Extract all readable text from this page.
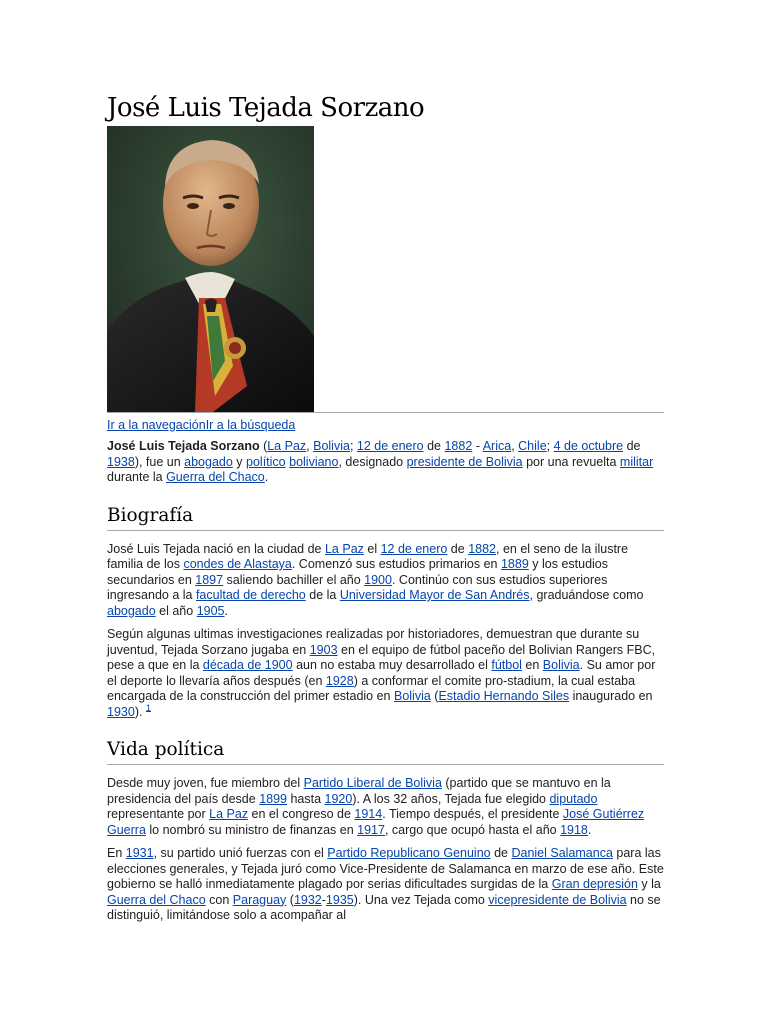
José Luis Tejada Sorzano
Ir a la navegaciónIr a la búsqueda

José Luis Tejada Sorzano (La Paz, Bolivia; 12 de enero de 1882 - Arica, Chile; 4 de octubre de 1938), fue un abogado y político boliviano, designado presidente de Bolivia por una revuelta militar durante la Guerra del Chaco.

Biografía

José Luis Tejada nació en la ciudad de La Paz el 12 de enero de 1882, en el seno de la ilustre familia de los condes de Alastaya. Comenzó sus estudios primarios en 1889 y los estudios secundarios en 1897 saliendo bachiller el año 1900. Continúo con sus estudios superiores ingresando a la facultad de derecho de la Universidad Mayor de San Andrés, graduándose como abogado el año 1905.

Según algunas ultimas investigaciones realizadas por historiadores, demuestran que durante su juventud, Tejada Sorzano jugaba en 1903 en el equipo de fútbol paceño del Bolivian Rangers FBC, pese a que en la década de 1900 aun no estaba muy desarrollado el fútbol en Bolivia. Su amor por el deporte lo llevaría años después (en 1928) a conformar el comite pro-stadium, la cual estaba encargada de la construcción del primer estadio en Bolivia (Estadio Hernando Siles inaugurado en 1930). $^1$

Vida política

Desde muy joven, fue miembro del Partido Liberal de Bolivia (partido que se mantuvo en la presidencia del país desde 1899 hasta 1920). A los 32 años, Tejada fue elegido diputado representante por La Paz en el congreso de 1914. Tiempo después, el presidente José Gutiérrez Guerra lo nombró su ministro de finanzas en 1917, cargo que ocupó hasta el año 1918.

En 1931, su partido unió fuerzas con el Partido Republicano Genuino de Daniel Salamanca para las elecciones generales, y Tejada juró como Vice-Presidente de Salamanca en marzo de ese año. Este gobierno se halló inmediatamente plagado por serias dificultades surgidas de la Gran depresión y la Guerra del Chaco con Paraguay (1932-1935). Una vez Tejada como vicepresidente de Bolivia no se distinguió, limitándose solo a acompañar al
